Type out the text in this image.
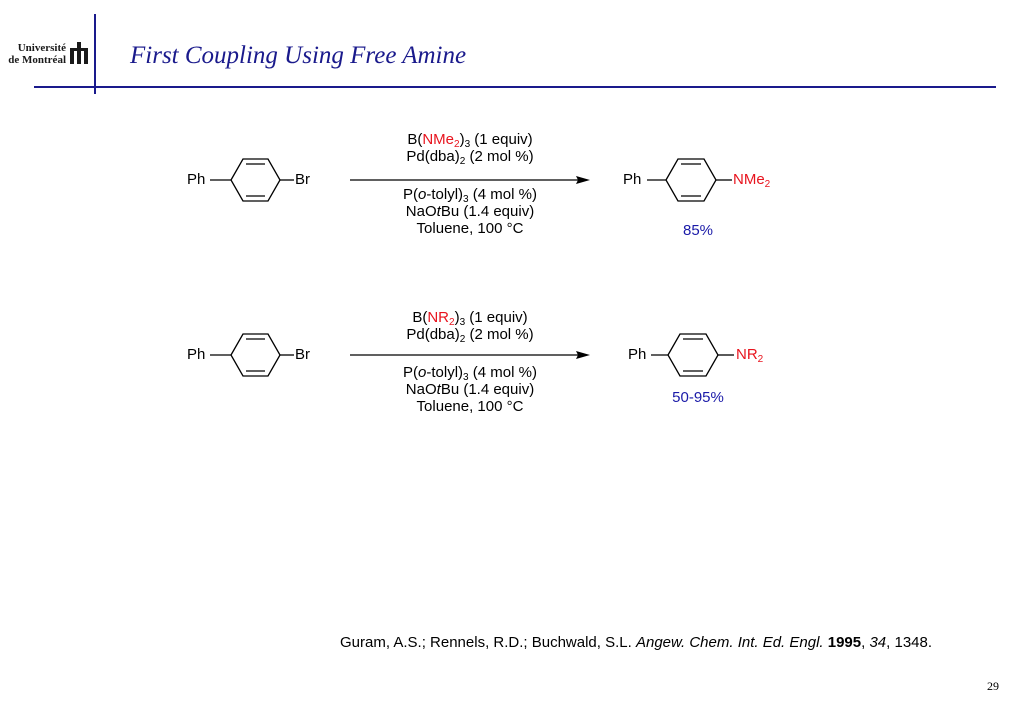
Université
de Montréal	First Coupling Using Free Amine
Ph	Br
$B(NMe_2)_3$ (1 equiv)
$Pd(dba)_2$ (2 mol %)
$P(o-tolyl)_3$ (4 mol %)
NaOtBu (1.4 equiv)
Toluene, 100 °C
Ph	NMe$_2$
85%
Ph	Br
$B(NR_2)_3$ (1 equiv)
$Pd(dba)_2$ (2 mol %)
$P(o-tolyl)_3$ (4 mol %)
NaOtBu (1.4 equiv)
Toluene, 100 °C
Ph	$NR_2$
50-95%
Guram, A.S.; Rennels, R.D.; Buchwald, S.L. Angew. Chem. Int. Ed. Engl. 1995, 34, 1348.
29
